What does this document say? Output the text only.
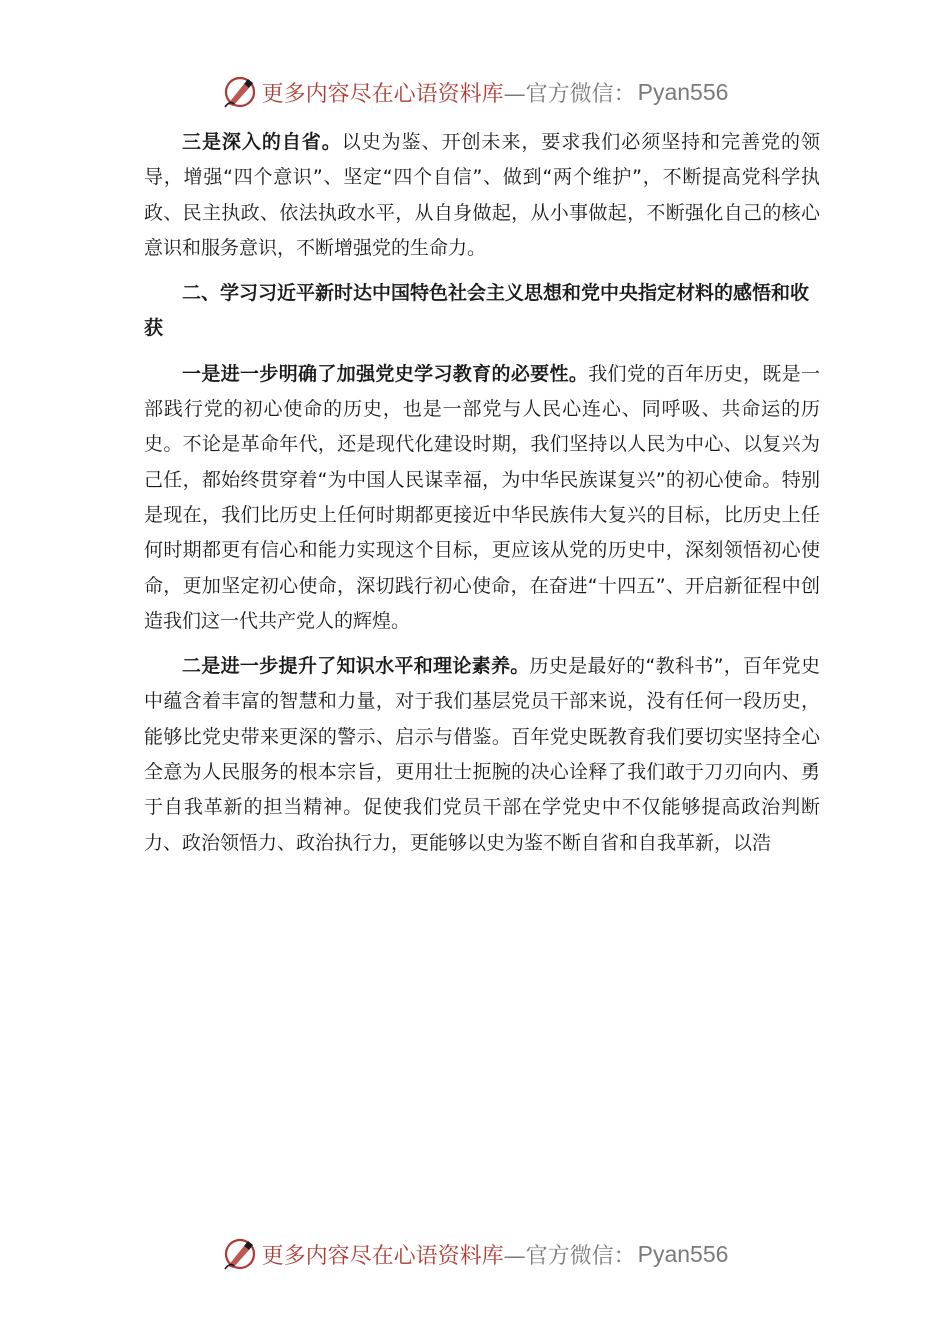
更多内容尽在心语资料库 —官方微信： Pyan556

三是深入的自省。以史为鉴、开创未来，要求我们必须坚持和完善党的领导，增强“四个意识”、坚定“四个自信”、做到“两个维护”，不断提高党科学执政、民主执政、依法执政水平，从自身做起，从小事做起，不断强化自己的核心意识和服务意识，不断增强党的生命力。

二、学习习近平新时达中国特色社会主义思想和党中央指定材料的感悟和收获

一是进一步明确了加强党史学习教育的必要性。我们党的百年历史，既是一部践行党的初心使命的历史，也是一部党与人民心连心、同呼吸、共命运的历史。不论是革命年代，还是现代化建设时期，我们坚持以人民为中心、以复兴为己任，都始终贯穿着“为中国人民谋幸福，为中华民族谋复兴”的初心使命。特别是现在，我们比历史上任何时期都更接近中华民族伟大复兴的目标，比历史上任何时期都更有信心和能力实现这个目标，更应该从党的历史中，深刻领悟初心使命，更加坚定初心使命，深切践行初心使命，在奋进“十四五”、开启新征程中创造我们这一代共产党人的辉煌。

二是进一步提升了知识水平和理论素养。历史是最好的“教科书”，百年党史中蕴含着丰富的智慧和力量，对于我们基层党员干部来说，没有任何一段历史，能够比党史带来更深的警示、启示与借鉴。百年党史既教育我们要切实坚持全心全意为人民服务的根本宗旨，更用壮士扼腕的决心诠释了我们敢于刀刃向内、勇于自我革新的担当精神。促使我们党员干部在学党史中不仅能够提高政治判断力、政治领悟力、政治执行力，更能够以史为鉴不断自省和自我革新，以浩

更多内容尽在心语资料库 —官方微信： Pyan556
